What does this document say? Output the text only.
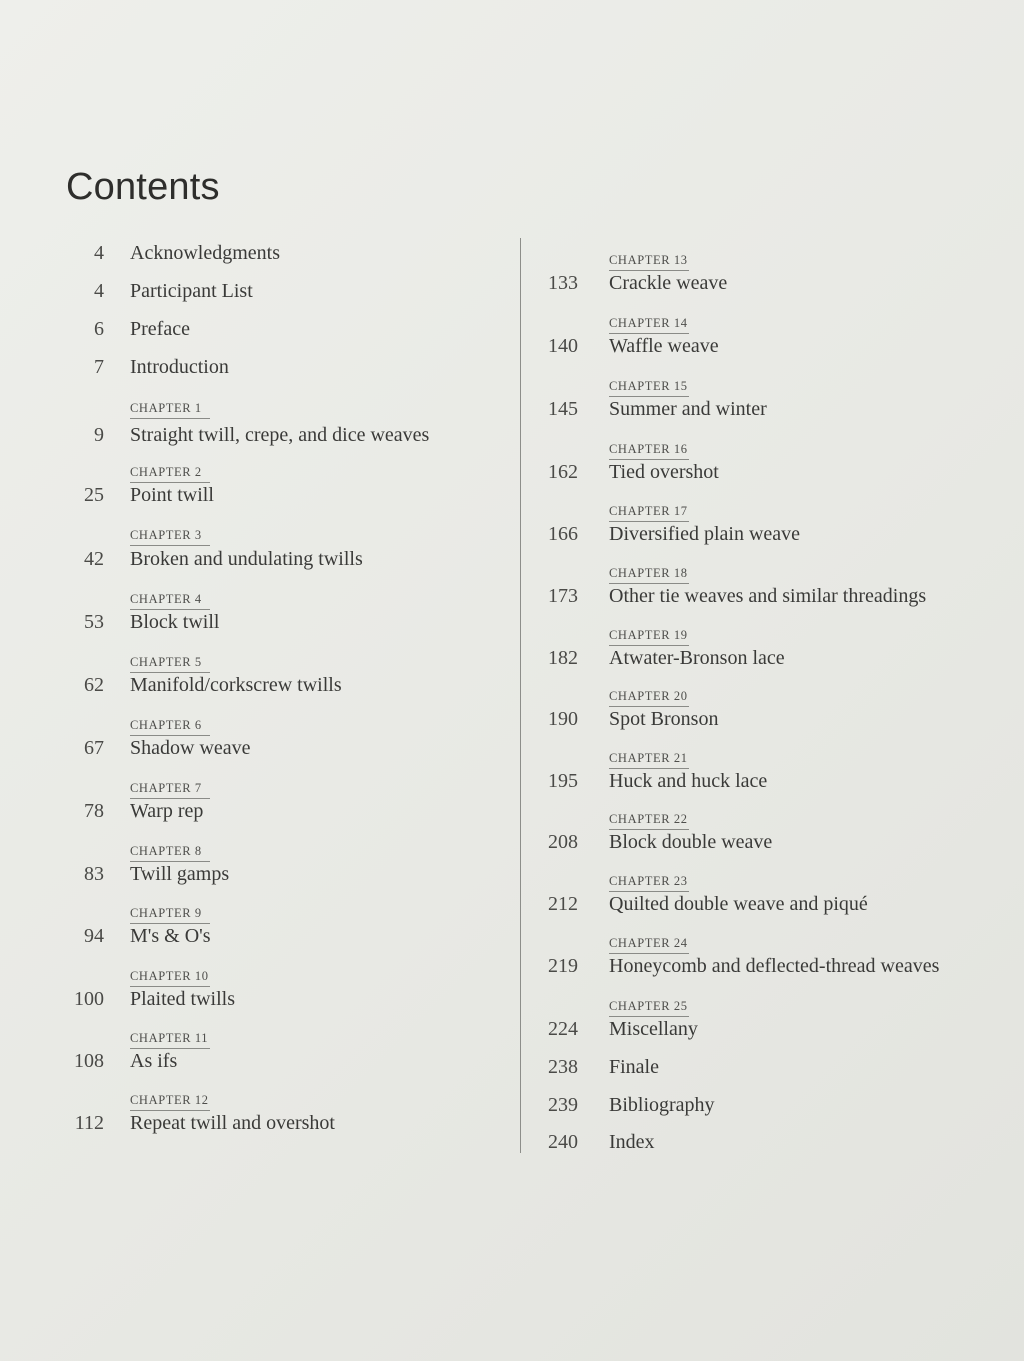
Contents
4 Acknowledgments
4 Participant List
6 Preface
7 Introduction
CHAPTER 1
9 Straight twill, crepe, and dice weaves
CHAPTER 2
25 Point twill
CHAPTER 3
42 Broken and undulating twills
CHAPTER 4
53 Block twill
CHAPTER 5
62 Manifold/corkscrew twills
CHAPTER 6
67 Shadow weave
CHAPTER 7
78 Warp rep
CHAPTER 8
83 Twill gamps
CHAPTER 9
94 M's & O's
CHAPTER 10
100 Plaited twills
CHAPTER 11
108 As ifs
CHAPTER 12
112 Repeat twill and overshot
CHAPTER 13
133 Crackle weave
CHAPTER 14
140 Waffle weave
CHAPTER 15
145 Summer and winter
CHAPTER 16
162 Tied overshot
CHAPTER 17
166 Diversified plain weave
CHAPTER 18
173 Other tie weaves and similar threadings
CHAPTER 19
182 Atwater-Bronson lace
CHAPTER 20
190 Spot Bronson
CHAPTER 21
195 Huck and huck lace
CHAPTER 22
208 Block double weave
CHAPTER 23
212 Quilted double weave and piqué
CHAPTER 24
219 Honeycomb and deflected-thread weaves
CHAPTER 25
224 Miscellany
238 Finale
239 Bibliography
240 Index
